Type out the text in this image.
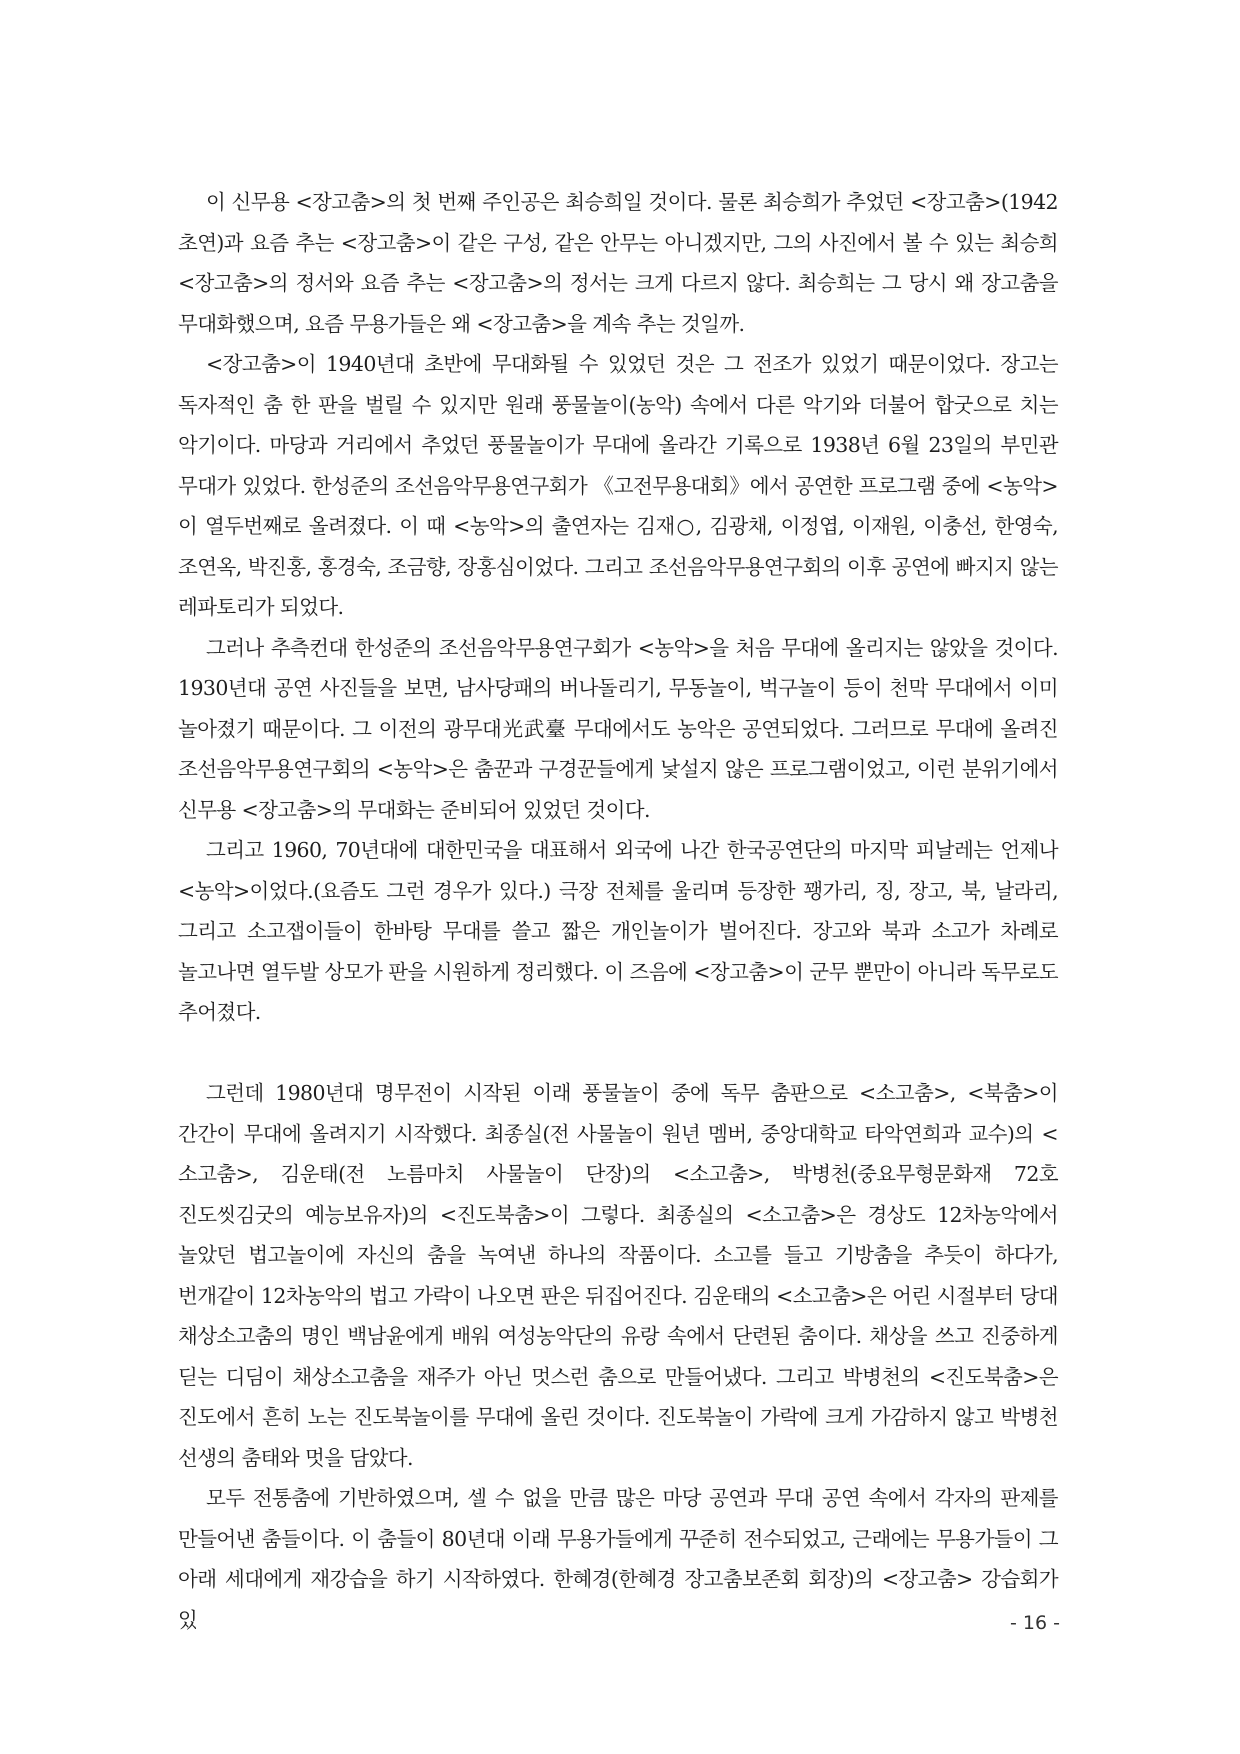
이 신무용 <장고춤>의 첫 번째 주인공은 최승희일 것이다. 물론 최승희가 추었던 <장고춤>(1942 초연)과 요즘 추는 <장고춤>이 같은 구성, 같은 안무는 아니겠지만, 그의 사진에서 볼 수 있는 최승희 <장고춤>의 정서와 요즘 추는 <장고춤>의 정서는 크게 다르지 않다. 최승희는 그 당시 왜 장고춤을 무대화했으며, 요즘 무용가들은 왜 <장고춤>을 계속 추는 것일까.

<장고춤>이 1940년대 초반에 무대화될 수 있었던 것은 그 전조가 있었기 때문이었다. 장고는 독자적인 춤 한 판을 벌릴 수 있지만 원래 풍물놀이(농악) 속에서 다른 악기와 더불어 합굿으로 치는 악기이다. 마당과 거리에서 추었던 풍물놀이가 무대에 올라간 기록으로 1938년 6월 23일의 부민관 무대가 있었다. 한성준의 조선음악무용연구회가 《고전무용대회》에서 공연한 프로그램 중에 <농악>이 열두번째로 올려졌다. 이 때 <농악>의 출연자는 김재○, 김광채, 이정엽, 이재원, 이충선, 한영숙, 조연옥, 박진홍, 홍경숙, 조금향, 장홍심이었다. 그리고 조선음악무용연구회의 이후 공연에 빠지지 않는 레파토리가 되었다.

그러나 추측컨대 한성준의 조선음악무용연구회가 <농악>을 처음 무대에 올리지는 않았을 것이다. 1930년대 공연 사진들을 보면, 남사당패의 버나돌리기, 무동놀이, 벅구놀이 등이 천막 무대에서 이미 놀아졌기 때문이다. 그 이전의 광무대光武臺 무대에서도 농악은 공연되었다. 그러므로 무대에 올려진 조선음악무용연구회의 <농악>은 춤꾼과 구경꾼들에게 낯설지 않은 프로그램이었고, 이런 분위기에서 신무용 <장고춤>의 무대화는 준비되어 있었던 것이다.

그리고 1960, 70년대에 대한민국을 대표해서 외국에 나간 한국공연단의 마지막 피날레는 언제나 <농악>이었다.(요즘도 그런 경우가 있다.) 극장 전체를 울리며 등장한 꽹가리, 징, 장고, 북, 날라리, 그리고 소고잽이들이 한바탕 무대를 쓸고 짧은 개인놀이가 벌어진다. 장고와 북과 소고가 차례로 놀고나면 열두발 상모가 판을 시원하게 정리했다. 이 즈음에 <장고춤>이 군무 뿐만이 아니라 독무로도 추어졌다.

그런데 1980년대 명무전이 시작된 이래 풍물놀이 중에 독무 춤판으로 <소고춤>, <북춤>이 간간이 무대에 올려지기 시작했다. 최종실(전 사물놀이 원년 멤버, 중앙대학교 타악연희과 교수)의 <소고춤>, 김운태(전 노름마치 사물놀이 단장)의 <소고춤>, 박병천(중요무형문화재 72호 진도씻김굿의 예능보유자)의 <진도북춤>이 그렇다. 최종실의 <소고춤>은 경상도 12차농악에서 놀았던 법고놀이에 자신의 춤을 녹여낸 하나의 작품이다. 소고를 들고 기방춤을 추듯이 하다가, 번개같이 12차농악의 법고 가락이 나오면 판은 뒤집어진다. 김운태의 <소고춤>은 어린 시절부터 당대 채상소고춤의 명인 백남윤에게 배워 여성농악단의 유랑 속에서 단련된 춤이다. 채상을 쓰고 진중하게 딛는 디딤이 채상소고춤을 재주가 아닌 멋스런 춤으로 만들어냈다. 그리고 박병천의 <진도북춤>은 진도에서 흔히 노는 진도북놀이를 무대에 올린 것이다. 진도북놀이 가락에 크게 가감하지 않고 박병천 선생의 춤태와 멋을 담았다.

모두 전통춤에 기반하였으며, 셀 수 없을 만큼 많은 마당 공연과 무대 공연 속에서 각자의 판제를 만들어낸 춤들이다. 이 춤들이 80년대 이래 무용가들에게 꾸준히 전수되었고, 근래에는 무용가들이 그 아래 세대에게 재강습을 하기 시작하였다. 한혜경(한혜경 장고춤보존회 회장)의 <장고춤> 강습회가 있	- 16 -
